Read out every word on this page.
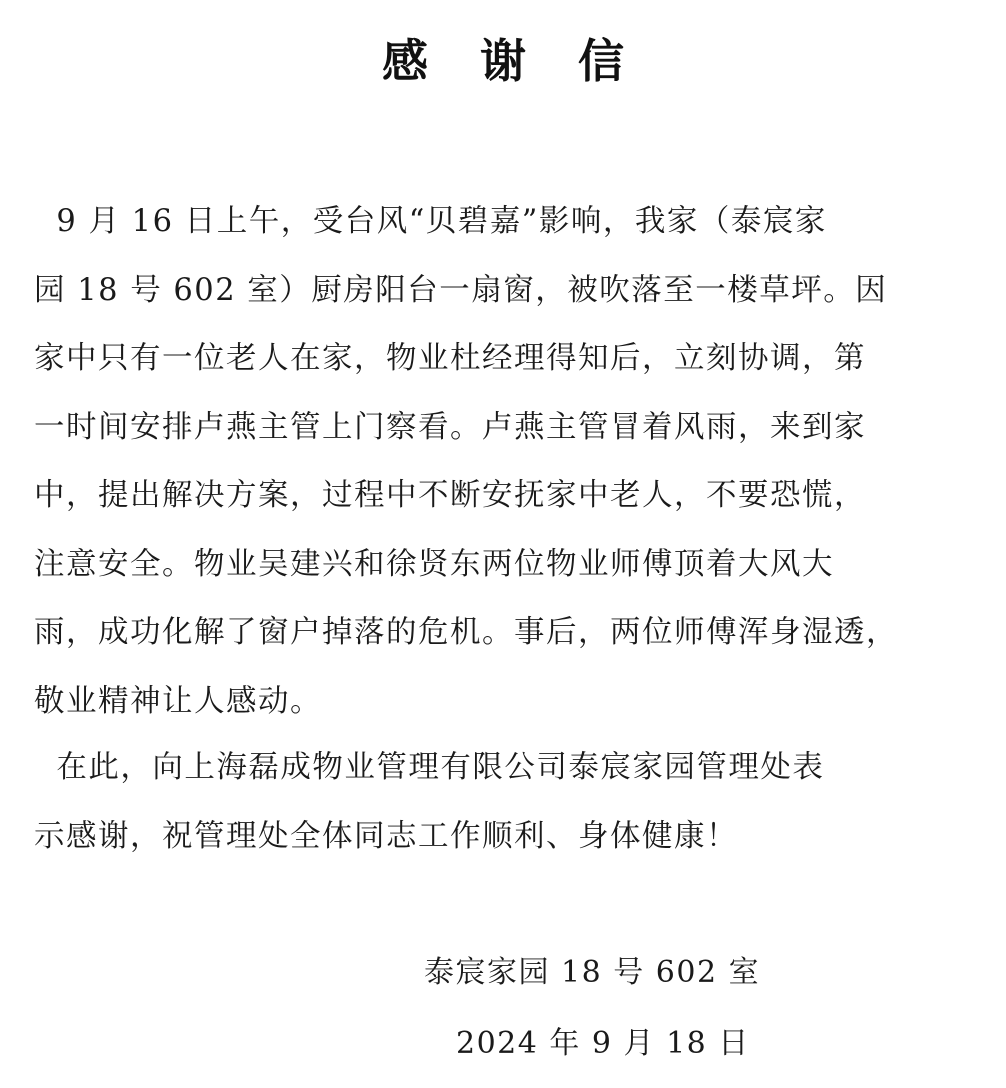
感 谢 信
9 月 16 日上午，受台风“贝碧嘉”影响，我家（泰宸家
园 18 号 602 室）厨房阳台一扇窗，被吹落至一楼草坪。因
家中只有一位老人在家，物业杜经理得知后，立刻协调，第
一时间安排卢燕主管上门察看。卢燕主管冒着风雨，来到家
中，提出解决方案，过程中不断安抚家中老人，不要恐慌，
注意安全。物业吴建兴和徐贤东两位物业师傅顶着大风大
雨，成功化解了窗户掉落的危机。事后，两位师傅浑身湿透，
敬业精神让人感动。
在此，向上海磊成物业管理有限公司泰宸家园管理处表
示感谢，祝管理处全体同志工作顺利、身体健康！
泰宸家园 18 号 602 室
2024 年 9 月 18 日
